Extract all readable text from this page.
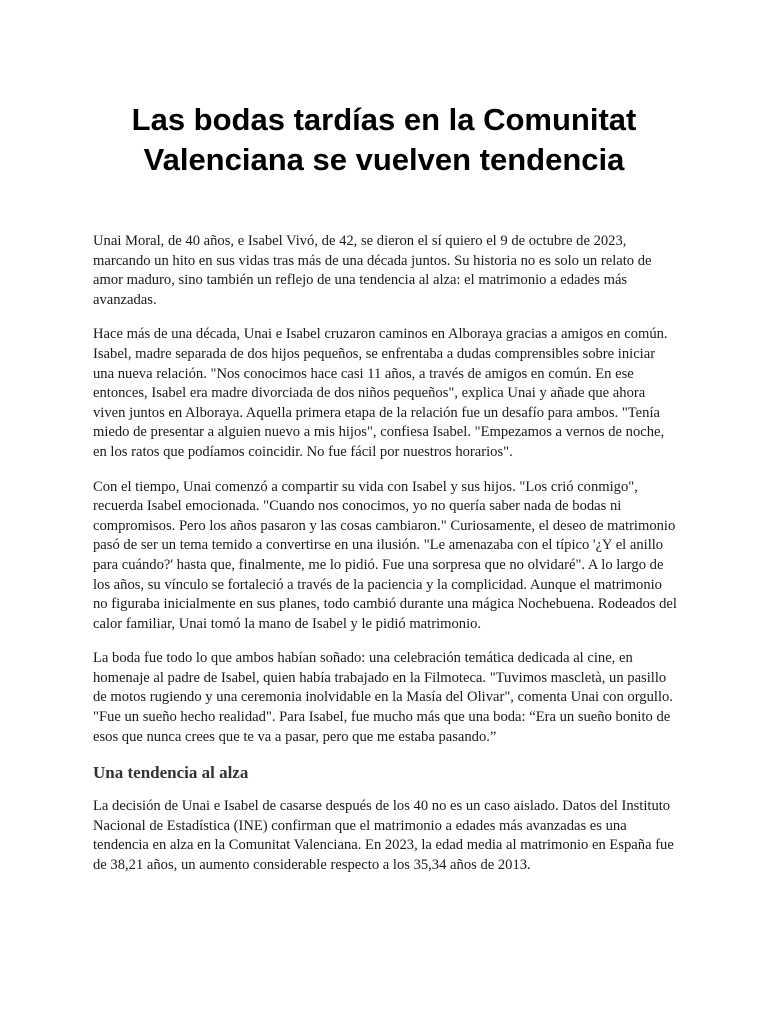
Las bodas tardías en la Comunitat Valenciana se vuelven tendencia

Unai Moral, de 40 años, e Isabel Vivó, de 42, se dieron el sí quiero el 9 de octubre de 2023, marcando un hito en sus vidas tras más de una década juntos. Su historia no es solo un relato de amor maduro, sino también un reflejo de una tendencia al alza: el matrimonio a edades más avanzadas.

Hace más de una década, Unai e Isabel cruzaron caminos en Alboraya gracias a amigos en común. Isabel, madre separada de dos hijos pequeños, se enfrentaba a dudas comprensibles sobre iniciar una nueva relación. "Nos conocimos hace casi 11 años, a través de amigos en común. En ese entonces, Isabel era madre divorciada de dos niños pequeños", explica Unai y añade que ahora viven juntos en Alboraya. Aquella primera etapa de la relación fue un desafío para ambos. "Tenía miedo de presentar a alguien nuevo a mis hijos", confiesa Isabel. "Empezamos a vernos de noche, en los ratos que podíamos coincidir. No fue fácil por nuestros horarios".

Con el tiempo, Unai comenzó a compartir su vida con Isabel y sus hijos. "Los crió conmigo", recuerda Isabel emocionada. "Cuando nos conocimos, yo no quería saber nada de bodas ni compromisos. Pero los años pasaron y las cosas cambiaron." Curiosamente, el deseo de matrimonio pasó de ser un tema temido a convertirse en una ilusión. "Le amenazaba con el típico '¿Y el anillo para cuándo?' hasta que, finalmente, me lo pidió. Fue una sorpresa que no olvidaré". A lo largo de los años, su vínculo se fortaleció a través de la paciencia y la complicidad. Aunque el matrimonio no figuraba inicialmente en sus planes, todo cambió durante una mágica Nochebuena. Rodeados del calor familiar, Unai tomó la mano de Isabel y le pidió matrimonio.

La boda fue todo lo que ambos habían soñado: una celebración temática dedicada al cine, en homenaje al padre de Isabel, quien había trabajado en la Filmoteca. "Tuvimos mascletà, un pasillo de motos rugiendo y una ceremonia inolvidable en la Masía del Olivar", comenta Unai con orgullo. "Fue un sueño hecho realidad". Para Isabel, fue mucho más que una boda: “Era un sueño bonito de esos que nunca crees que te va a pasar, pero que me estaba pasando.”

Una tendencia al alza

La decisión de Unai e Isabel de casarse después de los 40 no es un caso aislado. Datos del Instituto Nacional de Estadística (INE) confirman que el matrimonio a edades más avanzadas es una tendencia en alza en la Comunitat Valenciana. En 2023, la edad media al matrimonio en España fue de 38,21 años, un aumento considerable respecto a los 35,34 años de 2013.
